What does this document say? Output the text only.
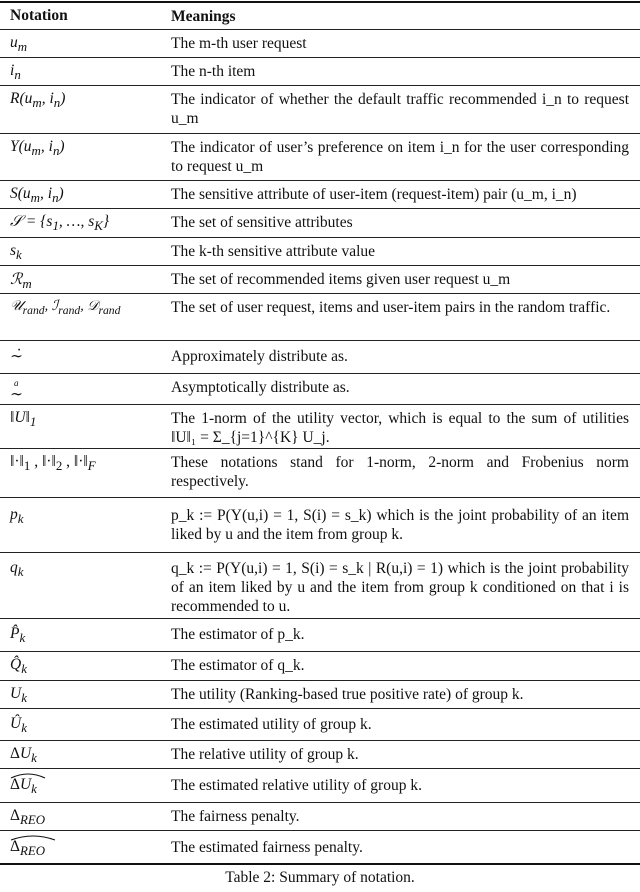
Notation	Meanings
$u_m$	The m-th user request
$i_n$	The n-th item
$R(u_m$, $i_n$)	The indicator of whether the default traffic recommended i_n to request u_m
$Y(u_m$, $i_n$)	The indicator of user’s preference on item i_n for the user corresponding to request u_m
$S(u_m$, $i_n$)	The sensitive attribute of user-item (request-item) pair (u_m, i_n)
𝒮 = {$s_1$, …, $s_K$}	The set of sensitive attributes
$s_k$	The k-th sensitive attribute value
ℛ$_m$	The set of recommended items given user request u_m
𝒰$_{rand}$, ℐ$_{rand}$, 𝒟$_{rand}$	The set of user request, items and user-item pairs in the random traffic.
∼̇	Approximately distribute as.
a
∼	Asymptotically distribute as.
$‖U‖_1$	The 1-norm of the utility vector, which is equal to the sum of utilities ‖U‖₁ = Σ_{j=1}^{K} U_j.
$‖\cdot‖_1$ , $‖\cdot‖_2$ , $‖\cdot‖_F$	These notations stand for 1-norm, 2-norm and Frobenius norm respectively.
$p_k$	p_k := P(Y(u,i) = 1, S(i) = s_k) which is the joint probability of an item liked by u and the item from group k.
$q_k$	q_k := P(Y(u,i) = 1, S(i) = s_k | R(u,i) = 1) which is the joint probability of an item liked by u and the item from group k conditioned on that i is recommended to u.
$P̂_k$	The estimator of p_k.
$Q̂_k$	The estimator of q_k.
$U_k$	The utility (Ranking-based true positive rate) of group k.
$Û_k$	The estimated utility of group k.
$\Delta U_k$	The relative utility of group k.
$\Delta U_k$	The estimated relative utility of group k.
$\Delta_{REO}$	The fairness penalty.
$\Delta_{REO}$	The estimated fairness penalty.
Table 2: Summary of notation.
